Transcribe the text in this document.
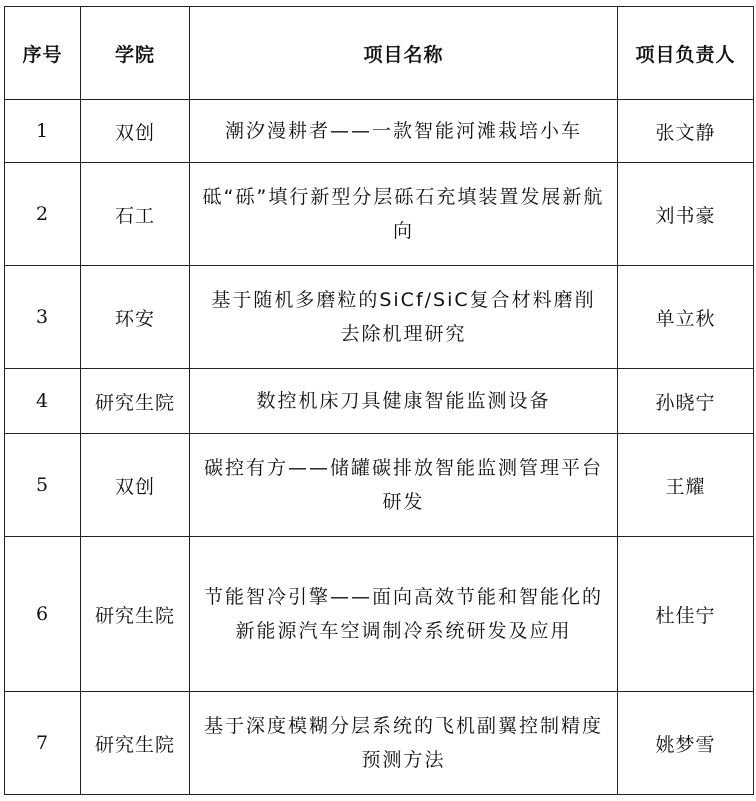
序号	学院	项目名称	项目负责人
1	双创	潮汐漫耕者——一款智能河滩栽培小车	张文静
2	石工	砥“砾”填行新型分层砾石充填装置发展新航向	刘书豪
3	环安	基于随机多磨粒的SiCf/SiC复合材料磨削去除机理研究	单立秋
4	研究生院	数控机床刀具健康智能监测设备	孙晓宁
5	双创	碳控有方——储罐碳排放智能监测管理平台研发	王耀
6	研究生院	节能智冷引擎——面向高效节能和智能化的新能源汽车空调制冷系统研发及应用	杜佳宁
7	研究生院	基于深度模糊分层系统的飞机副翼控制精度预测方法	姚梦雪
